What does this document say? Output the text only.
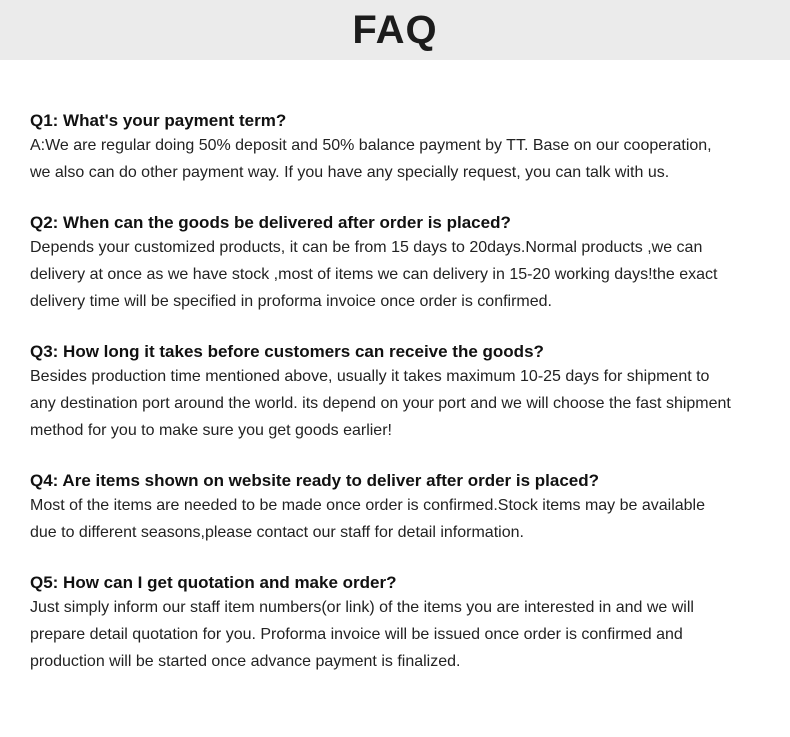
FAQ

Q1: What's your payment term?

A:We are regular doing 50% deposit and 50% balance payment by TT. Base on our cooperation,
we also can do other payment way. If you have any specially request, you can talk with us.

Q2: When can the goods be delivered after order is placed?

Depends your customized products, it can be from 15 days to 20days.Normal products ,we can
delivery at once as we have stock ,most of items we can delivery in 15-20 working days!the exact
delivery time will be specified in proforma invoice once order is confirmed.

Q3: How long it takes before customers can receive the goods?

Besides production time mentioned above, usually it takes maximum 10-25 days for shipment to
any destination port around the world. its depend on your port and we will choose the fast shipment
method for you to make sure you get goods earlier!

Q4: Are items shown on website ready to deliver after order is placed?

Most of the items are needed to be made once order is confirmed.Stock items may be available
due to different seasons,please contact our staff for detail information.

Q5: How can I get quotation and make order?

Just simply inform our staff item numbers(or link) of the items you are interested in and we will
prepare detail quotation for you. Proforma invoice will be issued once order is confirmed and
production will be started once advance payment is finalized.
